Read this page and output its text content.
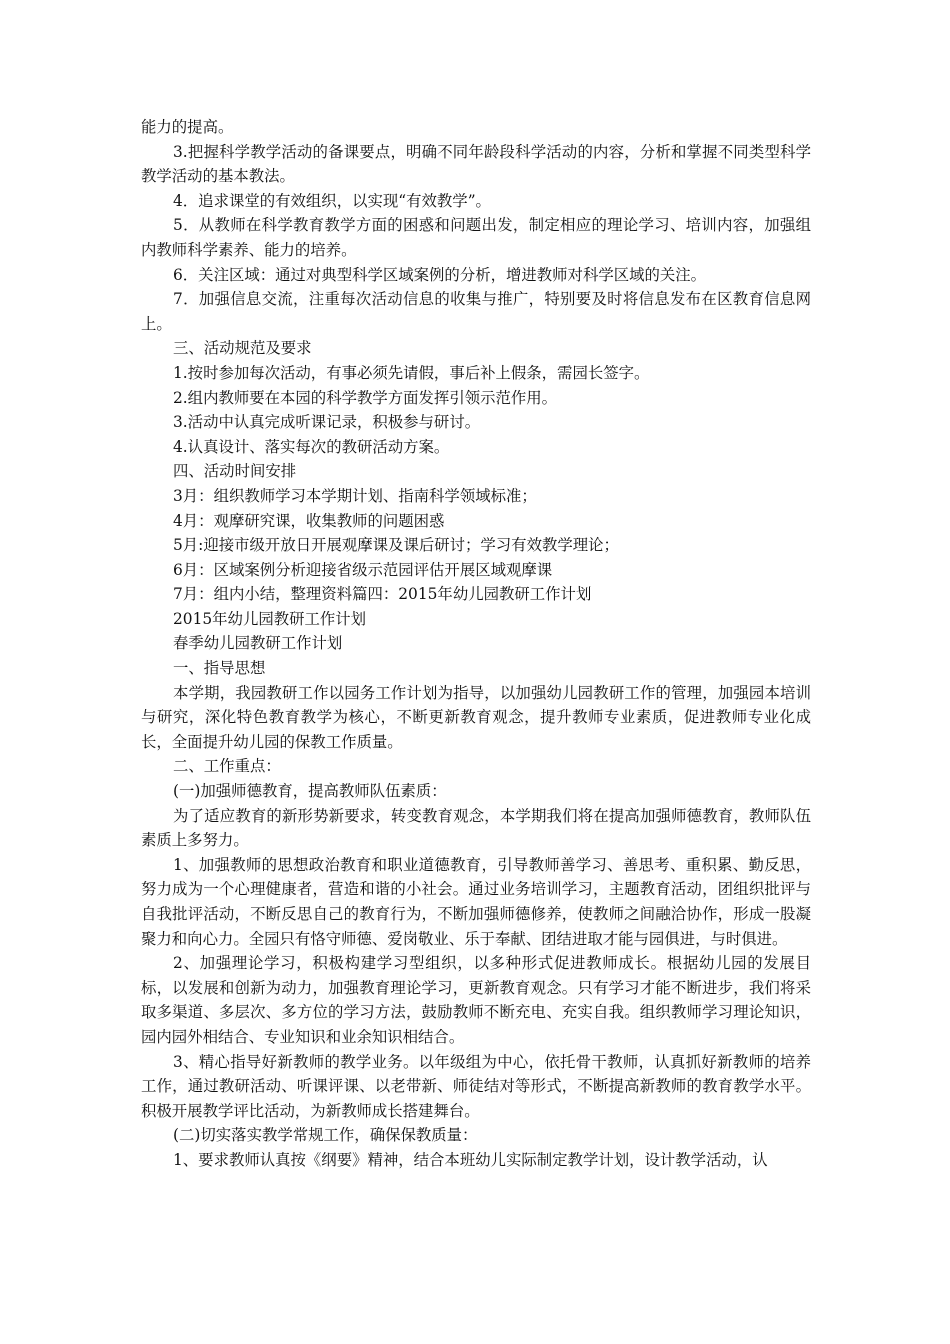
能力的提高。

3.把握科学教学活动的备课要点，明确不同年龄段科学活动的内容，分析和掌握不同类型科学教学活动的基本教法。

4．追求课堂的有效组织，以实现“有效教学”。

5．从教师在科学教育教学方面的困惑和问题出发，制定相应的理论学习、培训内容，加强组内教师科学素养、能力的培养。

6．关注区域：通过对典型科学区域案例的分析，增进教师对科学区域的关注。

7．加强信息交流，注重每次活动信息的收集与推广，特别要及时将信息发布在区教育信息网上。

三、活动规范及要求

1.按时参加每次活动，有事必须先请假，事后补上假条，需园长签字。

2.组内教师要在本园的科学教学方面发挥引领示范作用。

3.活动中认真完成听课记录，积极参与研讨。

4.认真设计、落实每次的教研活动方案。

四、活动时间安排

3月：组织教师学习本学期计划、指南科学领域标准；

4月：观摩研究课，收集教师的问题困惑

5月:迎接市级开放日开展观摩课及课后研讨；学习有效教学理论；

6月：区域案例分析迎接省级示范园评估开展区域观摩课

7月：组内小结，整理资料篇四：2015年幼儿园教研工作计划

2015年幼儿园教研工作计划

春季幼儿园教研工作计划

一、指导思想

本学期，我园教研工作以园务工作计划为指导，以加强幼儿园教研工作的管理，加强园本培训与研究，深化特色教育教学为核心，不断更新教育观念，提升教师专业素质，促进教师专业化成长，全面提升幼儿园的保教工作质量。

二、工作重点：

(一)加强师德教育，提高教师队伍素质：

为了适应教育的新形势新要求，转变教育观念，本学期我们将在提高加强师德教育，教师队伍素质上多努力。

1、加强教师的思想政治教育和职业道德教育，引导教师善学习、善思考、重积累、勤反思，努力成为一个心理健康者，营造和谐的小社会。通过业务培训学习，主题教育活动，团组织批评与自我批评活动，不断反思自己的教育行为，不断加强师德修养，使教师之间融洽协作，形成一股凝聚力和向心力。全园只有恪守师德、爱岗敬业、乐于奉献、团结进取才能与园俱进，与时俱进。

2、加强理论学习，积极构建学习型组织，以多种形式促进教师成长。根据幼儿园的发展目标，以发展和创新为动力，加强教育理论学习，更新教育观念。只有学习才能不断进步，我们将采取多渠道、多层次、多方位的学习方法，鼓励教师不断充电、充实自我。组织教师学习理论知识，园内园外相结合、专业知识和业余知识相结合。

3、精心指导好新教师的教学业务。以年级组为中心，依托骨干教师，认真抓好新教师的培养工作，通过教研活动、听课评课、以老带新、师徒结对等形式，不断提高新教师的教育教学水平。积极开展教学评比活动，为新教师成长搭建舞台。

(二)切实落实教学常规工作，确保保教质量：

1、要求教师认真按《纲要》精神，结合本班幼儿实际制定教学计划，设计教学活动，认
